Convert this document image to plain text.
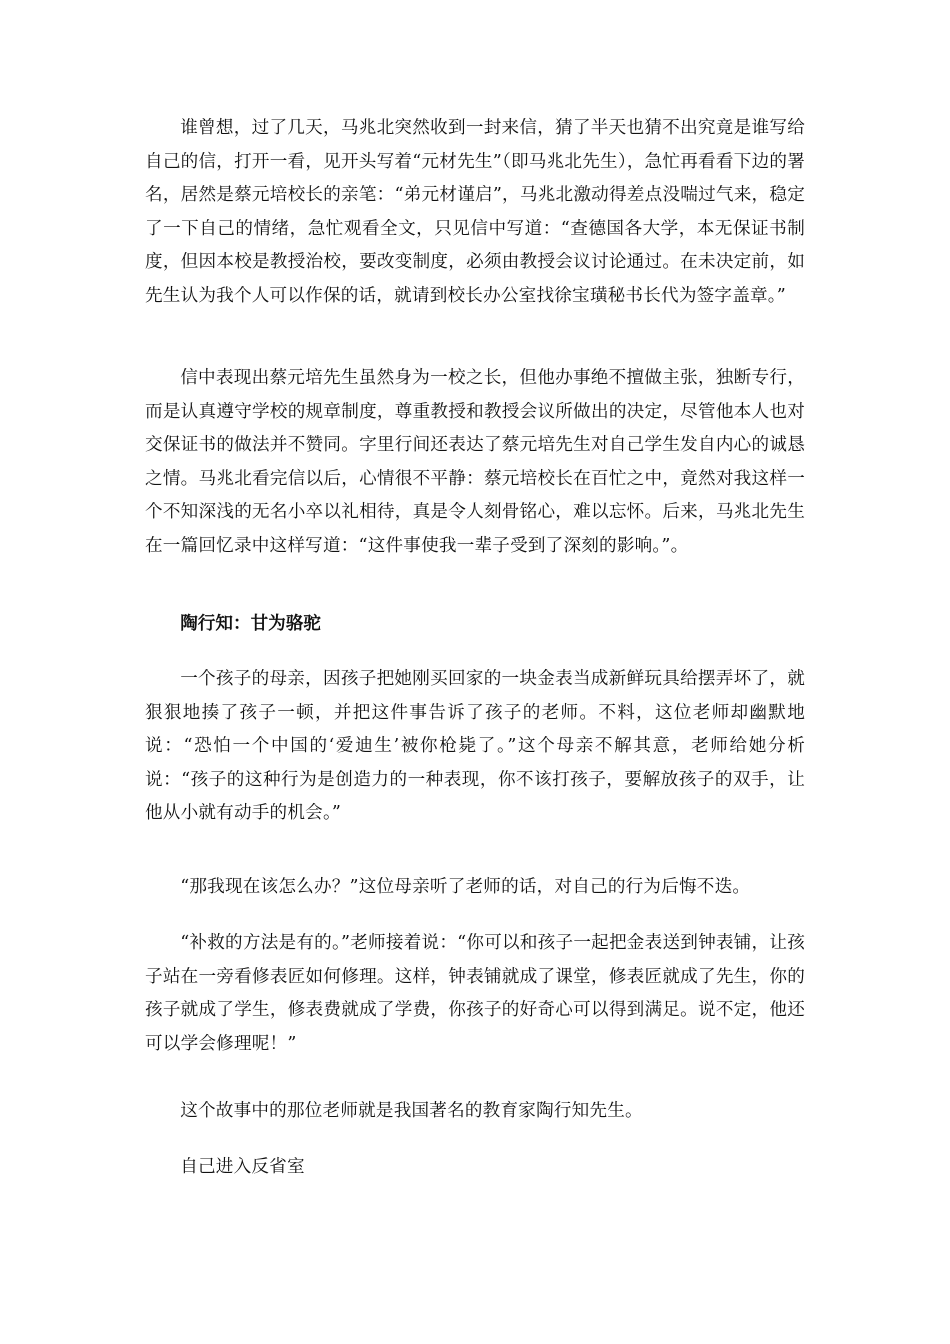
谁曾想，过了几天，马兆北突然收到一封来信，猜了半天也猜不出究竟是谁写给自己的信，打开一看，见开头写着“元材先生”（即马兆北先生），急忙再看看下边的署名，居然是蔡元培校长的亲笔：“弟元材谨启”，马兆北激动得差点没喘过气来，稳定了一下自己的情绪，急忙观看全文，只见信中写道：“查德国各大学，本无保证书制度，但因本校是教授治校，要改变制度，必须由教授会议讨论通过。在未决定前，如先生认为我个人可以作保的话，就请到校长办公室找徐宝璜秘书长代为签字盖章。”

信中表现出蔡元培先生虽然身为一校之长，但他办事绝不擅做主张，独断专行，而是认真遵守学校的规章制度，尊重教授和教授会议所做出的决定，尽管他本人也对交保证书的做法并不赞同。字里行间还表达了蔡元培先生对自己学生发自内心的诚恳之情。马兆北看完信以后，心情很不平静：蔡元培校长在百忙之中，竟然对我这样一个不知深浅的无名小卒以礼相待，真是令人刻骨铭心，难以忘怀。后来，马兆北先生在一篇回忆录中这样写道：“这件事使我一辈子受到了深刻的影响。”。

陶行知：甘为骆驼

一个孩子的母亲，因孩子把她刚买回家的一块金表当成新鲜玩具给摆弄坏了，就狠狠地揍了孩子一顿，并把这件事告诉了孩子的老师。不料，这位老师却幽默地说：“恐怕一个中国的‘爱迪生’被你枪毙了。”这个母亲不解其意，老师给她分析说：“孩子的这种行为是创造力的一种表现，你不该打孩子，要解放孩子的双手，让他从小就有动手的机会。”

“那我现在该怎么办？”这位母亲听了老师的话，对自己的行为后悔不迭。

“补救的方法是有的。”老师接着说：“你可以和孩子一起把金表送到钟表铺，让孩子站在一旁看修表匠如何修理。这样，钟表铺就成了课堂，修表匠就成了先生，你的孩子就成了学生，修表费就成了学费，你孩子的好奇心可以得到满足。说不定，他还可以学会修理呢！”

这个故事中的那位老师就是我国著名的教育家陶行知先生。

自己进入反省室
